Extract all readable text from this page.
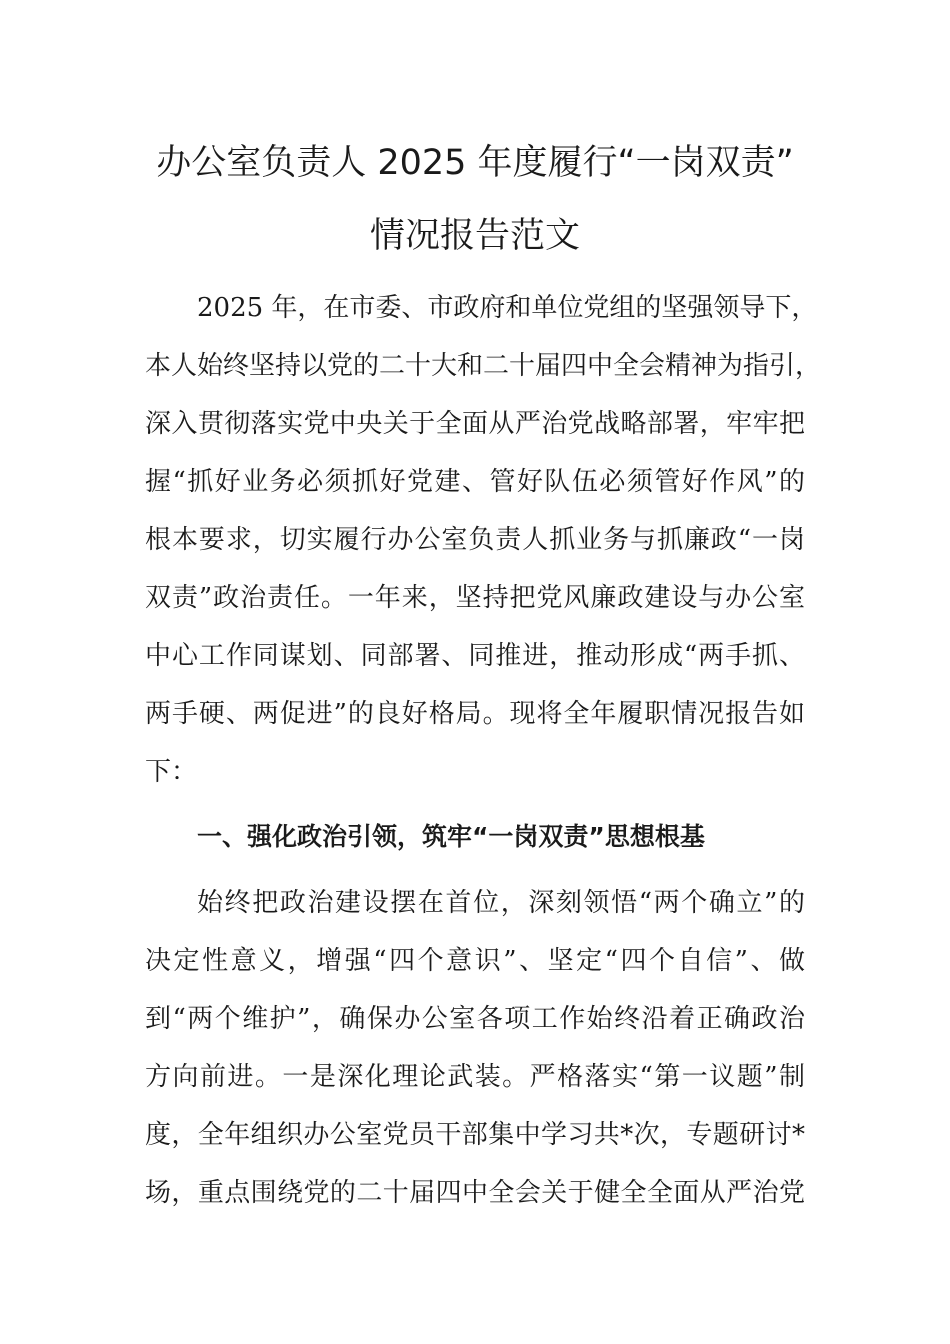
办公室负责人 2025 年度履行“一岗双责”
情况报告范文
2025 年，在市委、市政府和单位党组的坚强领导下，
本人始终坚持以党的二十大和二十届四中全会精神为指引，
深入贯彻落实党中央关于全面从严治党战略部署，牢牢把
握“抓好业务必须抓好党建、管好队伍必须管好作风”的
根本要求，切实履行办公室负责人抓业务与抓廉政“一岗
双责”政治责任。一年来，坚持把党风廉政建设与办公室
中心工作同谋划、同部署、同推进，推动形成“两手抓、
两手硬、两促进”的良好格局。现将全年履职情况报告如
下：
一、强化政治引领，筑牢“一岗双责”思想根基
始终把政治建设摆在首位，深刻领悟“两个确立”的
决定性意义，增强“四个意识”、坚定“四个自信”、做
到“两个维护”，确保办公室各项工作始终沿着正确政治
方向前进。一是深化理论武装。严格落实“第一议题”制
度，全年组织办公室党员干部集中学习共*次，专题研讨*
场，重点围绕党的二十届四中全会关于健全全面从严治党
